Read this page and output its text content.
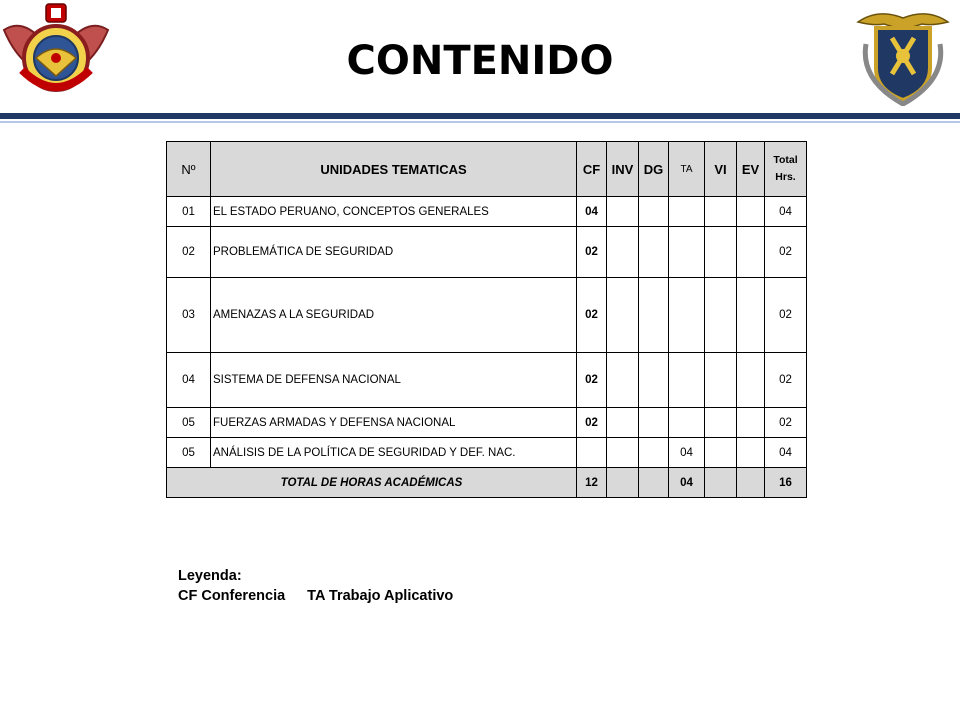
CONTENIDO
Nº	UNIDADES TEMATICAS	CF	INV	DG	TA	VI	EV	Total Hrs.
01	EL ESTADO PERUANO, CONCEPTOS GENERALES	04						04
02	PROBLEMÁTICA DE SEGURIDAD	02						02
03	AMENAZAS A LA SEGURIDAD	02						02
04	SISTEMA DE DEFENSA NACIONAL	02						02
05	FUERZAS ARMADAS Y DEFENSA NACIONAL	02						02
05	ANÁLISIS DE LA POLÍTICA DE SEGURIDAD Y DEF. NAC.				04			04
TOTAL DE HORAS ACADÉMICAS		12			04			16
Leyenda:
CF Conferencia TA Trabajo Aplicativo
